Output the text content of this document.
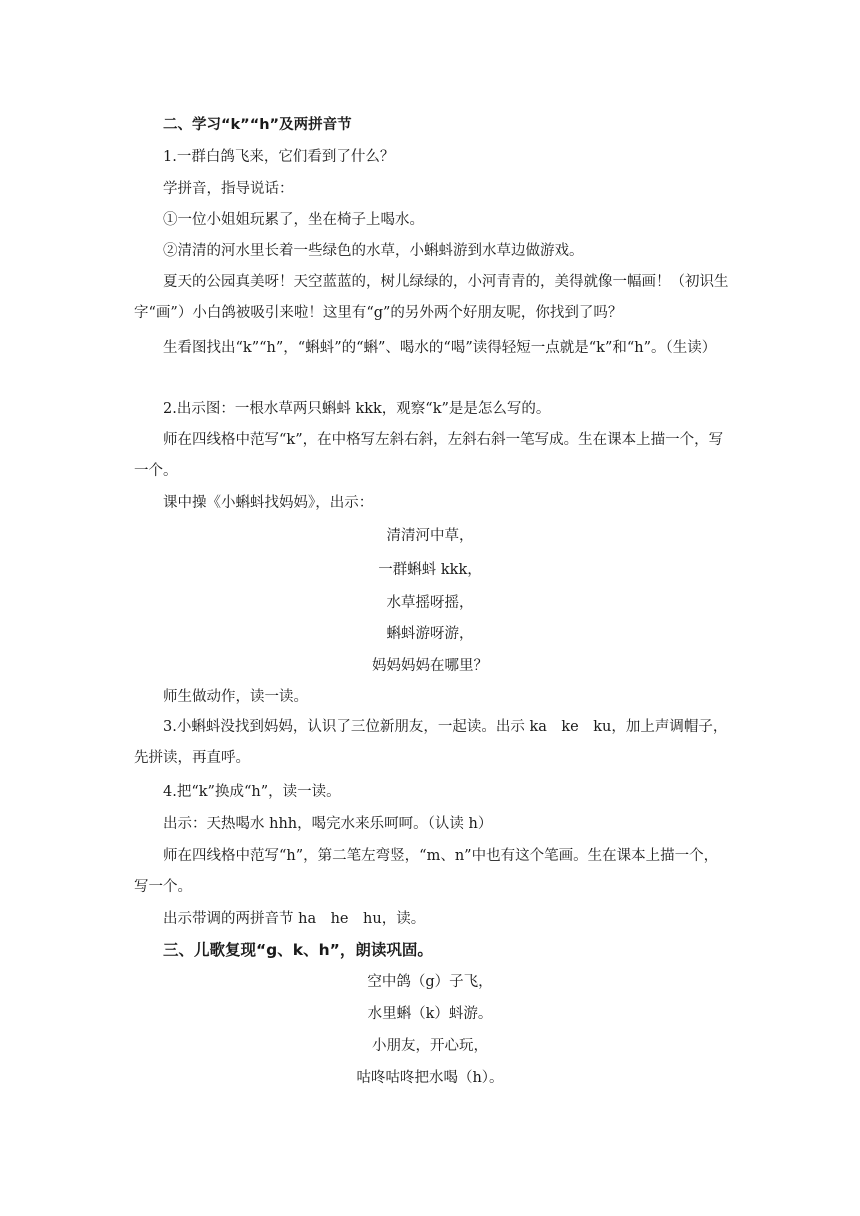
二、学习“k”“h”及两拼音节
1.一群白鸽飞来，它们看到了什么？
学拼音，指导说话：
①一位小姐姐玩累了，坐在椅子上喝水。
②清清的河水里长着一些绿色的水草，小蝌蚪游到水草边做游戏。
夏天的公园真美呀！天空蓝蓝的，树儿绿绿的，小河青青的，美得就像一幅画！（初识生字“画”）小白鸽被吸引来啦！这里有“g”的另外两个好朋友呢，你找到了吗？
生看图找出“k”“h”，“蝌蚪”的“蝌”、喝水的“喝”读得轻短一点就是“k”和“h”。（生读）
2.出示图：一根水草两只蝌蚪 kkk，观察“k”是是怎么写的。
师在四线格中范写“k”，在中格写左斜右斜，左斜右斜一笔写成。生在课本上描一个，写一个。
课中操《小蝌蚪找妈妈》，出示：
清清河中草，
一群蝌蚪 kkk，
水草摇呀摇，
蝌蚪游呀游，
妈妈妈妈在哪里？
师生做动作，读一读。
3.小蝌蚪没找到妈妈，认识了三位新朋友，一起读。出示 ka　ke　ku，加上声调帽子，先拼读，再直呼。
4.把“k”换成“h”，读一读。
出示：天热喝水 hhh，喝完水来乐呵呵。（认读 h）
师在四线格中范写“h”，第二笔左弯竖，“m、n”中也有这个笔画。生在课本上描一个，写一个。
出示带调的两拼音节 ha　he　hu，读。
三、儿歌复现“g、k、h”，朗读巩固。
空中鸽（g）子飞，
水里蝌（k）蚪游。
小朋友，开心玩，
咕咚咕咚把水喝（h）。
